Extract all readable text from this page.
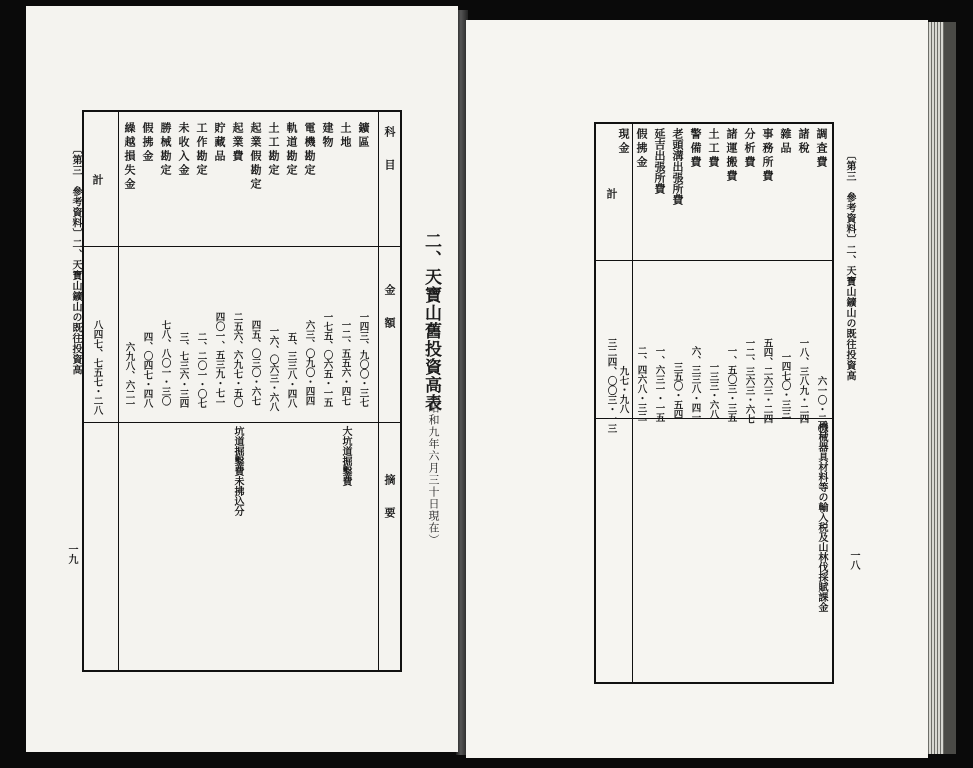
〔第三　參考資料〕二、天寶山鑛山の既往投資高
一九
二、天寶山舊投資高表
（昭和九年六月三十日現在）
科　　目
金　　額
摘　　要
鑛區
土地
建物
電機勘定
軌道勘定
土工勘定
起業假勘定
起業費
貯藏品
工作勘定
未收入金
勝械勘定
假拂金
繰越損失金
計
一四三、九〇〇・三七
一二、五五六・四七
一七五、〇六五・一五
六三、〇九〇・四四
五、三三八・四八
一六、〇六三・六八
四五、〇三〇・六七
二五六、六九七・五〇
四〇一、五三九・七一
二、二〇一・〇七
三、七三六・三四
七八、八〇一・三〇
四、〇四七・四八
六九八、六二一
八四七、七五七・二八
大坑道掘鑿費
坑道掘鑿費未拂込分
〔第三　參考資料〕二、天寶山鑛山の既往投資高
一八
調査費
諸稅
雜品
事務所費
分析費
諸運搬費
土工費
警備費
老頭溝出張所費
延吉出張所費
假拂金
現金
計
六一〇・二〇
一八、三八九・二四
一四七〇・三三
五四、二六三・二四
一二、三六三・六七
一、五〇三・三五
一三三・六八
六、三三八・四一
三五〇・五四
一、六三一・一五
二、四六八・三二
九七・九八
三二四、〇〇三・一三
機械器具材料等の輸入税及山林伐採賦課金
